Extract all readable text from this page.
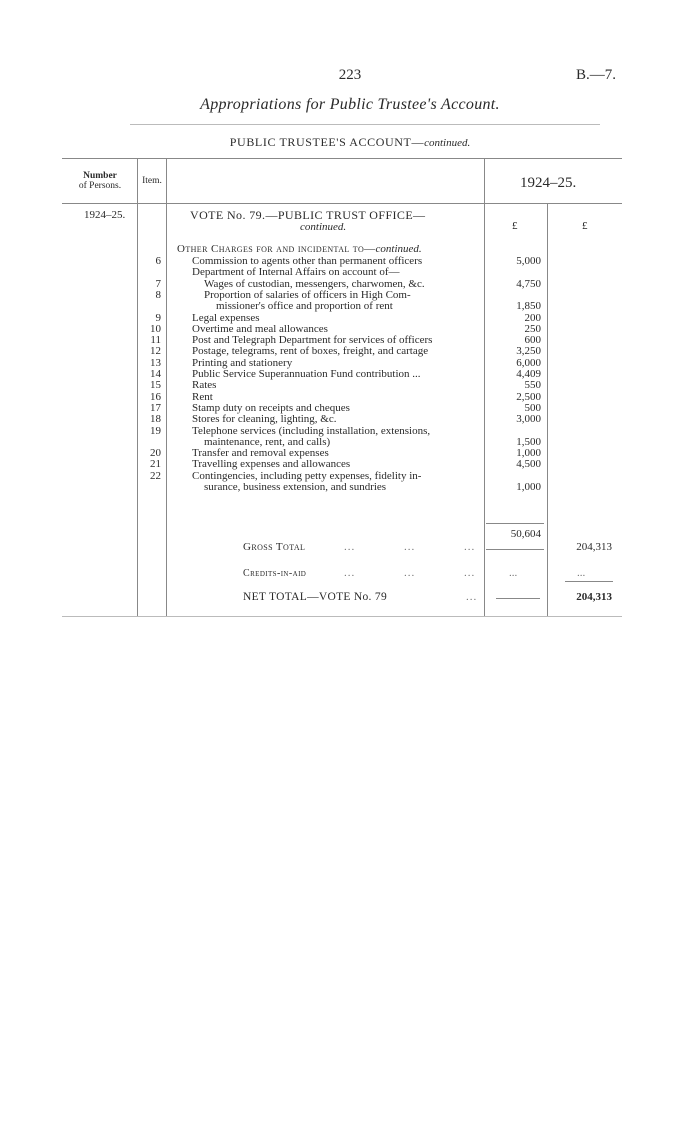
223	B.—7.
Appropriations for Public Trustee's Account.
PUBLIC TRUSTEE'S ACCOUNT—continued.
Number
of Persons.	Item.	1924–25.
1924–25.	VOTE No. 79.—PUBLIC TRUST OFFICE—
continued.	£	£
Other Charges for and incidental to—continued.
6	Commission to agents other than permanent officers	5,000
Department of Internal Affairs on account of—
7	Wages of custodian, messengers, charwomen, &c.	4,750
8	Proportion of salaries of officers in High Com-
missioner's office and proportion of rent	1,850
9	Legal expenses	200
10	Overtime and meal allowances	250
11	Post and Telegraph Department for services of officers	600
12	Postage, telegrams, rent of boxes, freight, and cartage	3,250
13	Printing and stationery	6,000
14	Public Service Superannuation Fund contribution ...	4,409
15	Rates	550
16	Rent	2,500
17	Stamp duty on receipts and cheques	500
18	Stores for cleaning, lighting, &c.	3,000
19	Telephone services (including installation, extensions,
maintenance, rent, and calls)	1,500
20	Transfer and removal expenses	1,000
21	Travelling expenses and allowances	4,500
22	Contingencies, including petty expenses, fidelity in-
surance, business extension, and sundries	1,000
50,604
Gross Total	...             ...             ...	204,313
Credits-in-aid	...             ...             ...	...	...
NET TOTAL—VOTE No. 79	...	204,313
